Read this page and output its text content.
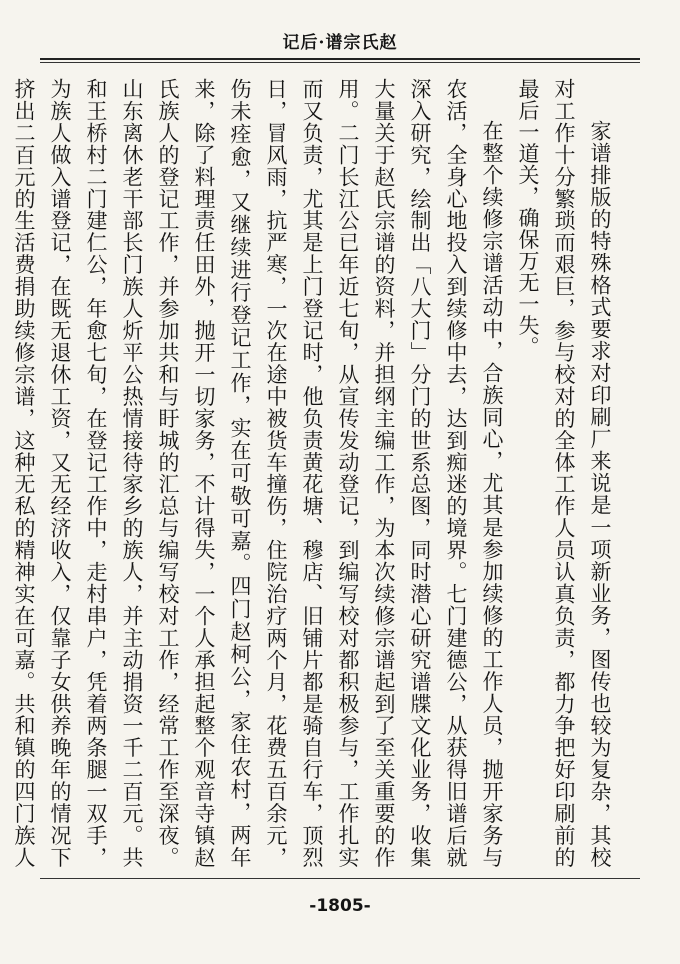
记后·谱宗氏赵

家谱排版的特殊格式要求对印刷厂来说是一项新业务，图传也较为复杂，其校对工作十分繁琐而艰巨，参与校对的全体工作人员认真负责，都力争把好印刷前的最后一道关，确保万无一失。

在整个续修宗谱活动中，合族同心，尤其是参加续修的工作人员，抛开家务与农活，全身心地投入到续修中去，达到痴迷的境界。七门建德公，从获得旧谱后就深入研究，绘制出「八大门」分门的世系总图，同时潜心研究谱牒文化业务，收集大量关于赵氏宗谱的资料，并担纲主编工作，为本次续修宗谱起到了至关重要的作用。二门长江公已年近七旬，从宣传发动登记，到编写校对都积极参与，工作扎实而又负责，尤其是上门登记时，他负责黄花塘、穆店、旧铺片都是骑自行车，顶烈日，冒风雨，抗严寒，一次在途中被货车撞伤，住院治疗两个月，花费五百余元，伤未痊愈，又继续进行登记工作，实在可敬可嘉。四门赵柯公，家住农村，两年来，除了料理责任田外，抛开一切家务，不计得失，一个人承担起整个观音寺镇赵氏族人的登记工作，并参加共和与盱城的汇总与编写校对工作，经常工作至深夜。山东离休老干部长门族人炘平公热情接待家乡的族人，并主动捐资一千二百元。共和王桥村二门建仁公，年愈七旬，在登记工作中，走村串户，凭着两条腿一双手，为族人做入谱登记，在既无退休工资，又无经济收入，仅靠子女供养晚年的情况下挤出二百元的生活费捐助续修宗谱，这种无私的精神实在可嘉。共和镇的四门族人

-1805-
